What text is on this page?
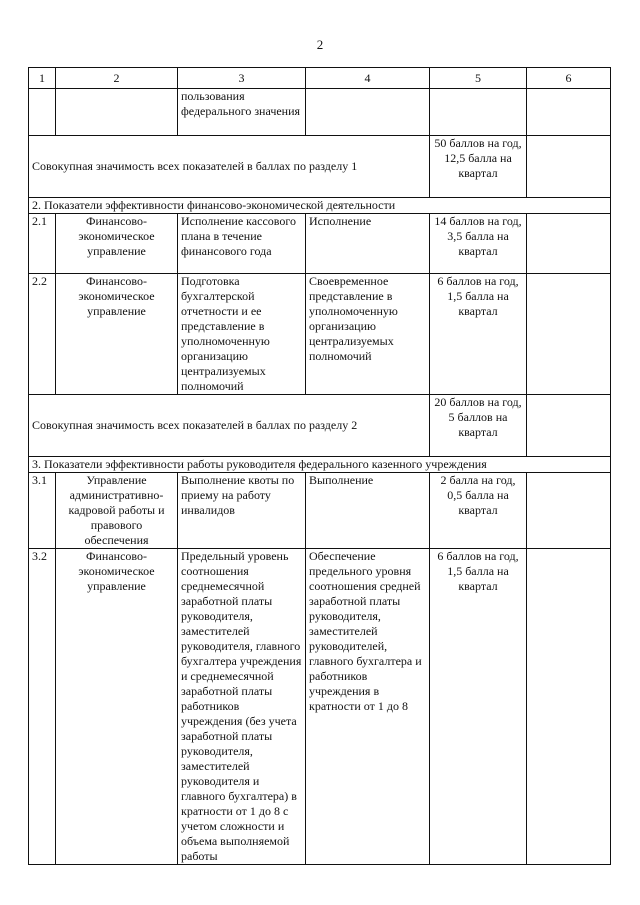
2
1	2	3	4	5	6
		пользования федерального значения			
Совокупная значимость всех показателей в баллах по разделу 1				50 баллов на год, 12,5 балла на квартал	
2. Показатели эффективности финансово-экономической деятельности					
2.1	Финансово-экономическое управление	Исполнение кассового плана в течение финансового года	Исполнение	14 баллов на год, 3,5 балла на квартал	
2.2	Финансово-экономическое управление	Подготовка бухгалтерской отчетности и ее представление в уполномоченную организацию централизуемых полномочий	Своевременное представление в уполномоченную организацию централизуемых полномочий	6 баллов на год, 1,5 балла на квартал	
Совокупная значимость всех показателей в баллах по разделу 2				20 баллов на год, 5 баллов на квартал	
3. Показатели эффективности работы руководителя федерального казенного учреждения					
3.1	Управление административно-кадровой работы и правового обеспечения	Выполнение квоты по приему на работу инвалидов	Выполнение	2 балла на год, 0,5 балла на квартал	
3.2	Финансово-экономическое управление	Предельный уровень соотношения среднемесячной заработной платы руководителя, заместителей руководителя, главного бухгалтера учреждения и среднемесячной заработной платы работников учреждения (без учета заработной платы руководителя, заместителей руководителя и главного бухгалтера) в кратности от 1 до 8 с учетом сложности и объема выполняемой работы	Обеспечение предельного уровня соотношения средней заработной платы руководителя, заместителей руководителей, главного бухгалтера и работников учреждения в кратности от 1 до 8	6 баллов на год, 1,5 балла на квартал	
